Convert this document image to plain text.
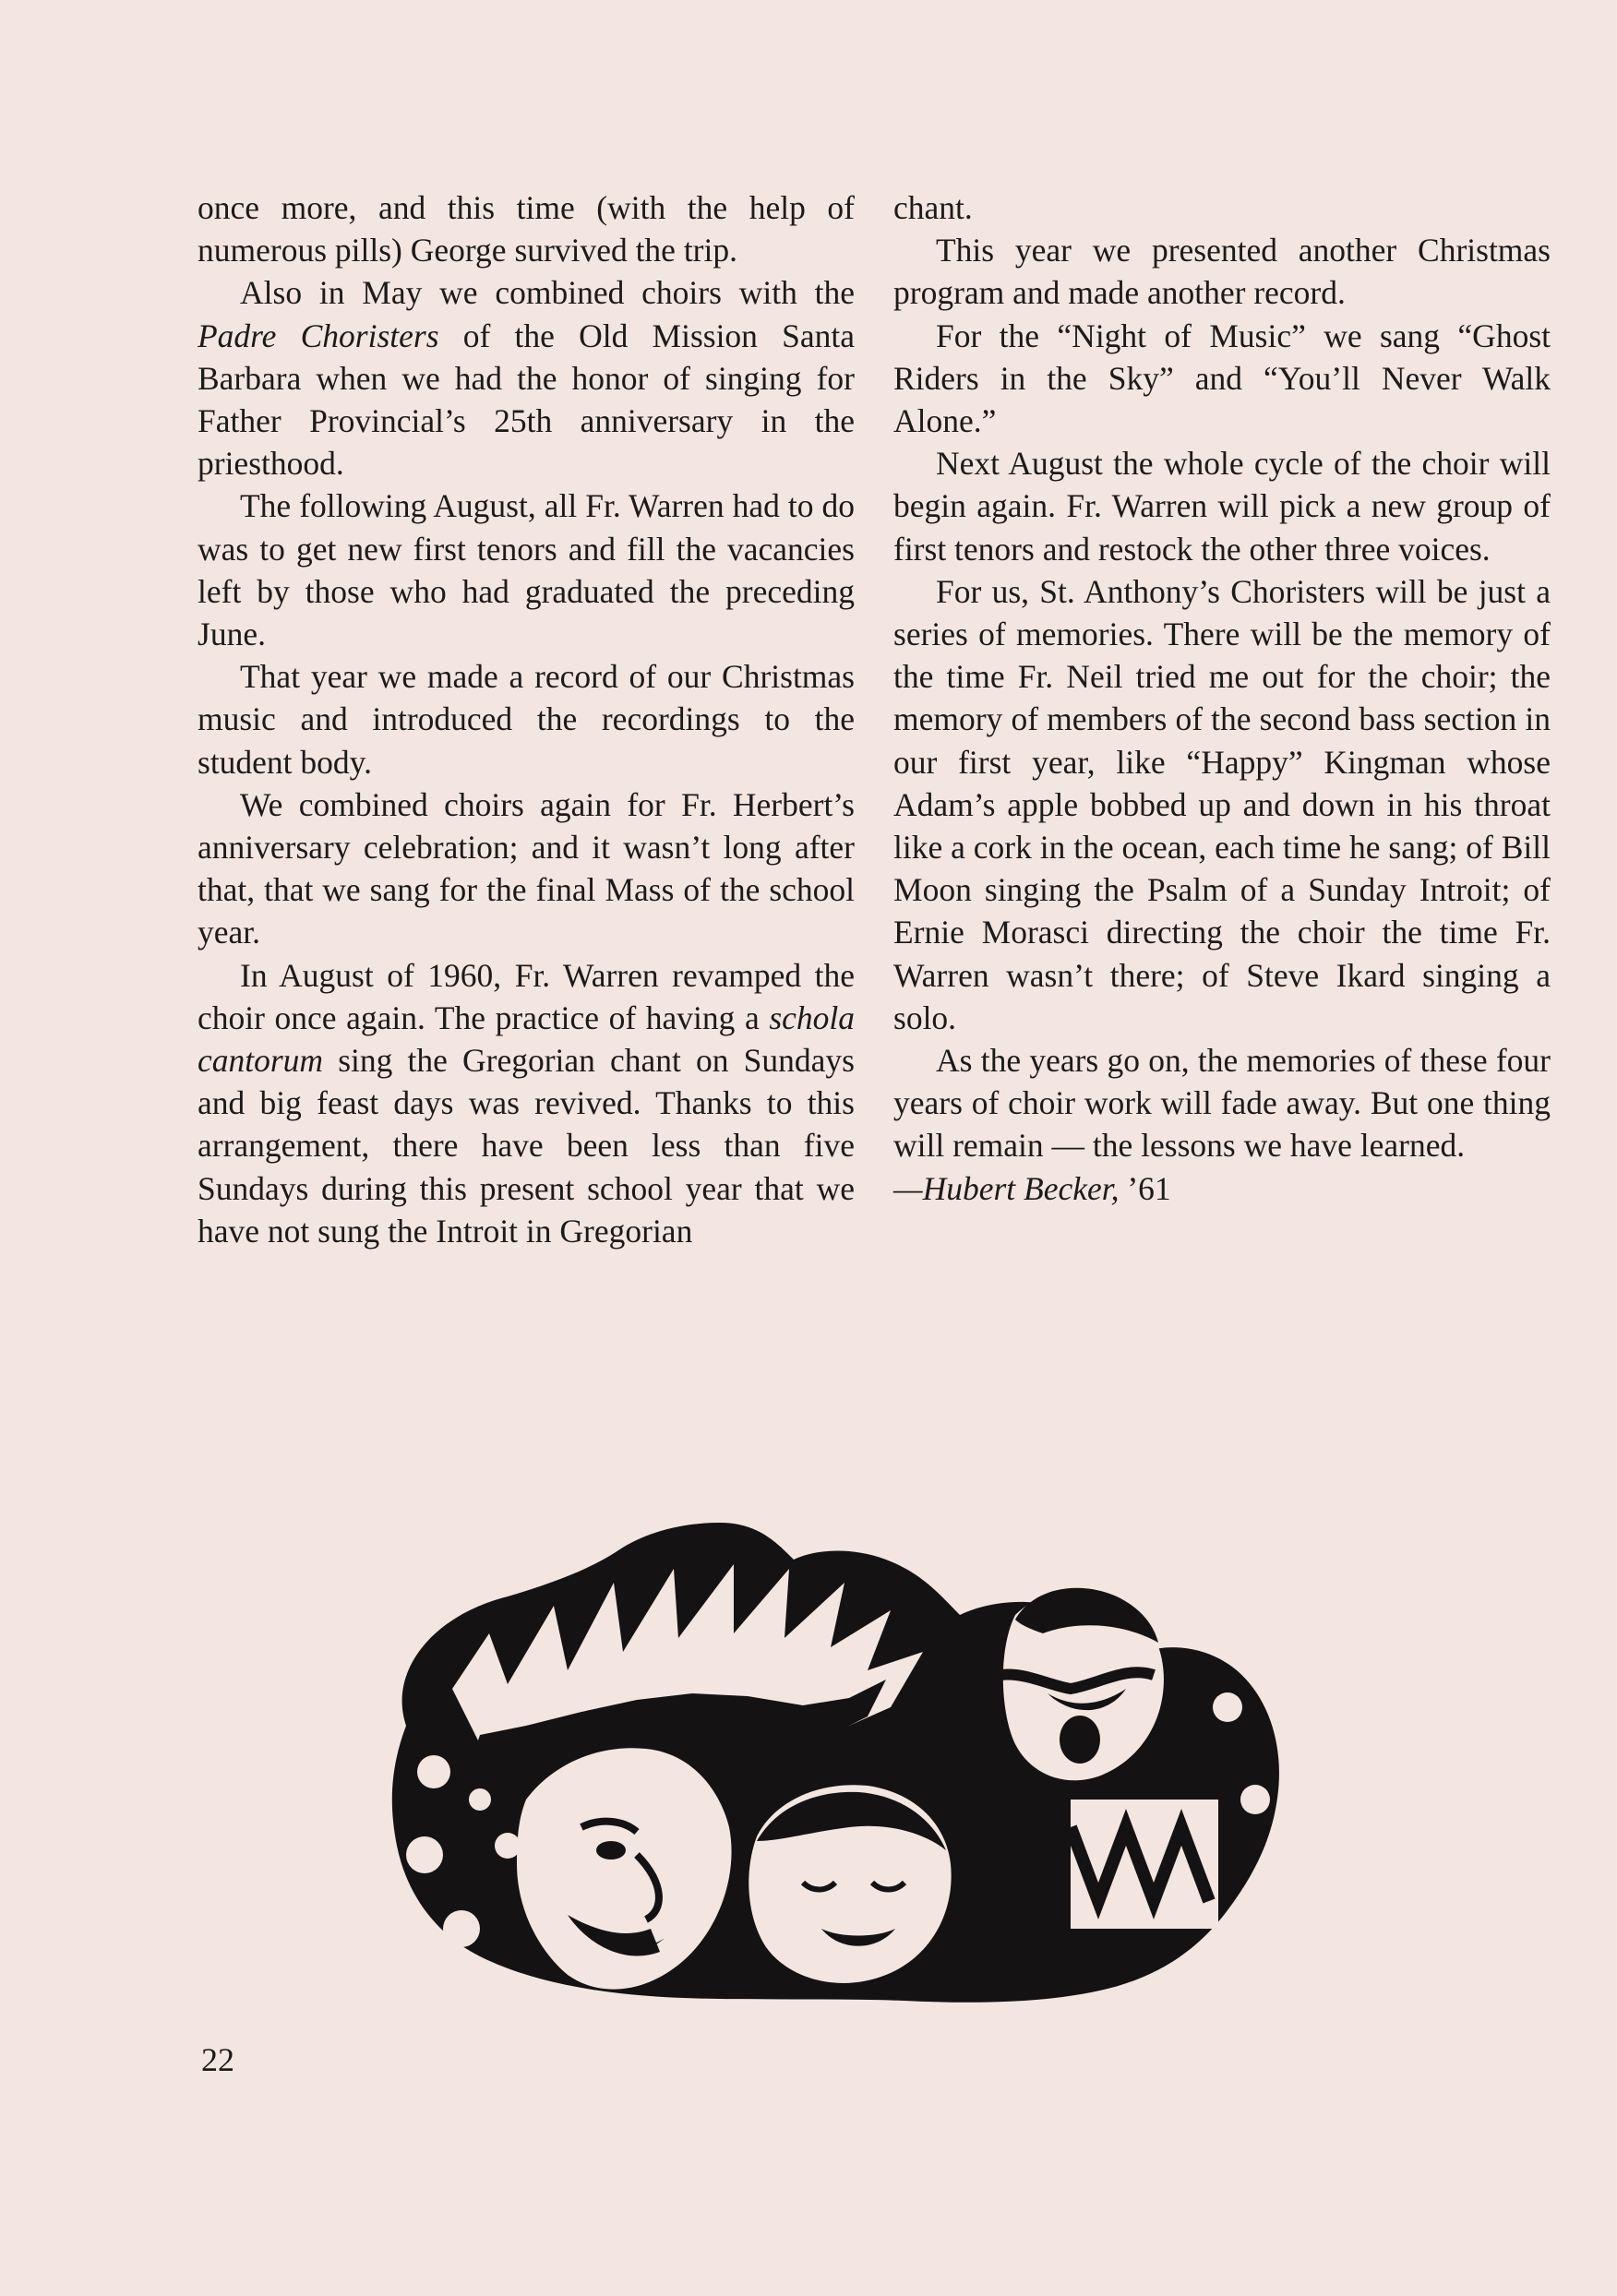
once more, and this time (with the help of numerous pills) George survived the trip.

Also in May we combined choirs with the Padre Choristers of the Old Mission Santa Barbara when we had the honor of singing for Father Provincial’s 25th anniversary in the priesthood.

The following August, all Fr. Warren had to do was to get new first tenors and fill the vacancies left by those who had graduated the preceding June.

That year we made a record of our Christmas music and introduced the recordings to the student body.

We combined choirs again for Fr. Herbert’s anniversary celebration; and it wasn’t long after that, that we sang for the final Mass of the school year.

In August of 1960, Fr. Warren revamped the choir once again. The practice of having a schola cantorum sing the Gregorian chant on Sundays and big feast days was revived. Thanks to this arrangement, there have been less than five Sundays during this present school year that we have not sung the Introit in Gregorian

chant.

This year we presented another Christmas program and made another record.

For the “Night of Music” we sang “Ghost Riders in the Sky” and “You’ll Never Walk Alone.”

Next August the whole cycle of the choir will begin again. Fr. Warren will pick a new group of first tenors and restock the other three voices.

For us, St. Anthony’s Choristers will be just a series of memories. There will be the memory of the time Fr. Neil tried me out for the choir; the memory of members of the second bass section in our first year, like “Happy” Kingman whose Adam’s apple bobbed up and down in his throat like a cork in the ocean, each time he sang; of Bill Moon singing the Psalm of a Sunday Introit; of Ernie Morasci directing the choir the time Fr. Warren wasn’t there; of Steve Ikard singing a solo.

As the years go on, the memories of these four years of choir work will fade away. But one thing will remain — the lessons we have learned.

—Hubert Becker, ’61

22
